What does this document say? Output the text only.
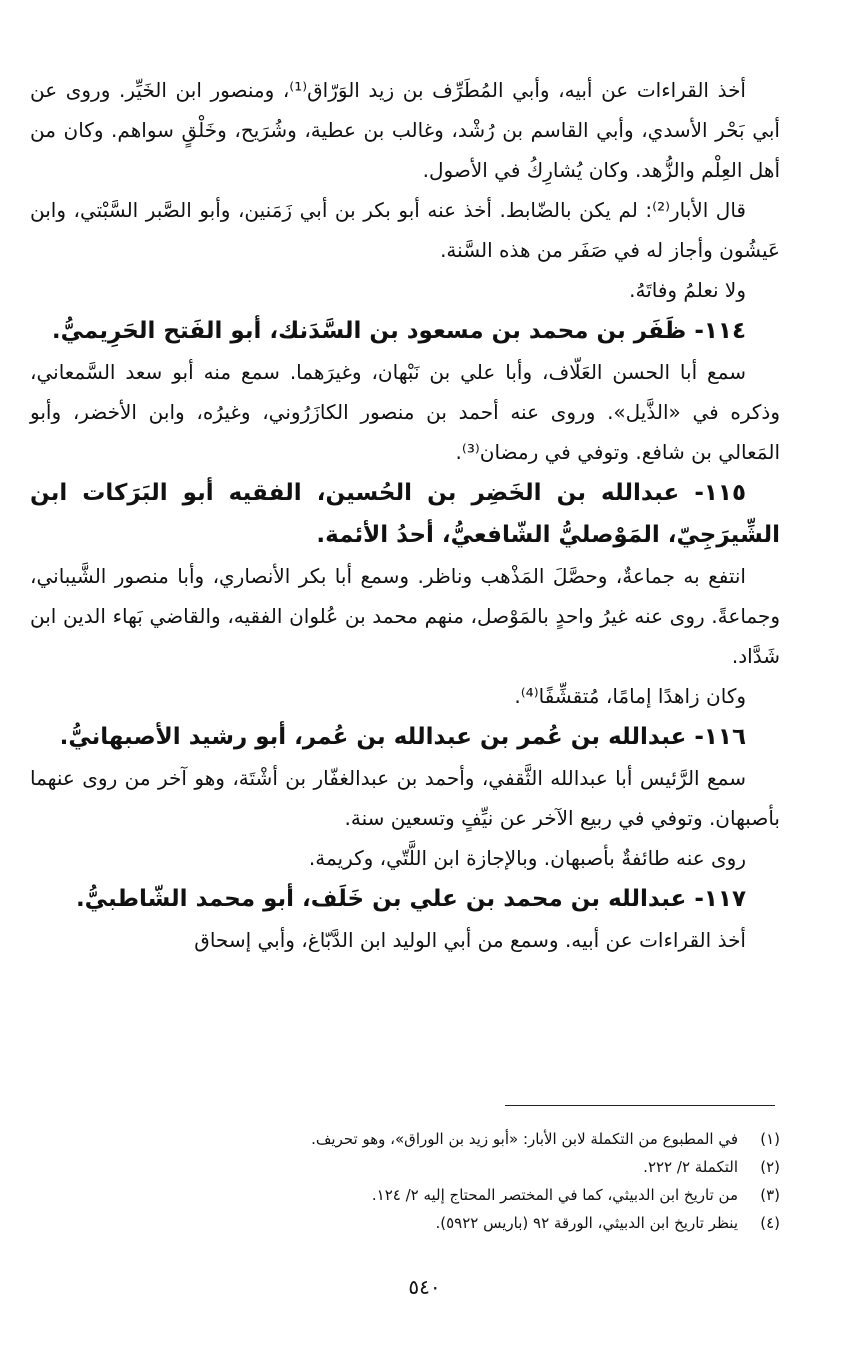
أخذ القراءات عن أبيه، وأبي المُطَرِّف بن زيد الوَرّاق⁽¹⁾، ومنصور ابن الخَيِّر. وروى عن أبي بَحْر الأسدي، وأبي القاسم بن رُشْد، وغالب بن عطية، وشُرَيح، وخَلْقٍ سواهم. وكان من أهل العِلْم والزُّهد. وكان يُشارِكُ في الأصول.

قال الأبار⁽²⁾: لم يكن بالضّابط. أخذ عنه أبو بكر بن أبي زَمَنين، وأبو الصَّبر السَّبْتي، وابن عَيشُون وأجاز له في صَفَر من هذه السَّنة.

ولا نعلمُ وفاتَهُ.

١١٤- ظَفَر بن محمد بن مسعود بن السَّدَنك، أبو الفَتح الحَرِيميُّ.

سمع أبا الحسن العَلّاف، وأبا علي بن نَبْهان، وغيرَهما. سمع منه أبو سعد السَّمعاني، وذكره في «الذَّيل». وروى عنه أحمد بن منصور الكازَرُوني، وغيرُه، وابن الأخضر، وأبو المَعالي بن شافع. وتوفي في رمضان⁽³⁾.

١١٥- عبدالله بن الخَضِر بن الحُسين، الفقيه أبو البَرَكات ابن الشِّيرَجِيّ، المَوْصليُّ الشّافعيُّ، أحدُ الأئمة.

انتفع به جماعةٌ، وحصَّلَ المَذْهب وناظر. وسمع أبا بكر الأنصاري، وأبا منصور الشَّيباني، وجماعةً. روى عنه غيرُ واحدٍ بالمَوْصل، منهم محمد بن عُلوان الفقيه، والقاضي بَهاء الدين ابن شَدَّاد.

وكان زاهدًا إمامًا، مُتقشِّفًا⁽⁴⁾.

١١٦- عبدالله بن عُمر بن عبدالله بن عُمر، أبو رشيد الأصبهانيُّ.

سمع الرَّئيس أبا عبدالله الثَّقفي، وأحمد بن عبدالغفّار بن أشْتَة، وهو آخر من روى عنهما بأصبهان. وتوفي في ربيع الآخر عن نيِّفٍ وتسعين سنة.

روى عنه طائفةٌ بأصبهان. وبالإجازة ابن اللَّتّي، وكريمة.

١١٧- عبدالله بن محمد بن علي بن خَلَف، أبو محمد الشّاطبيُّ.

أخذ القراءات عن أبيه. وسمع من أبي الوليد ابن الدَّبّاغ، وأبي إسحاق

(١)
في المطبوع من التكملة لابن الأبار: «أبو زيد بن الوراق»، وهو تحريف.
(٢)
التكملة ٢/ ٢٢٢.
(٣)
من تاريخ ابن الدبيثي، كما في المختصر المحتاج إليه ٢/ ١٢٤.
(٤)
ينظر تاريخ ابن الدبيثي، الورقة ٩٢ (باريس ٥٩٢٢).
٥٤٠
